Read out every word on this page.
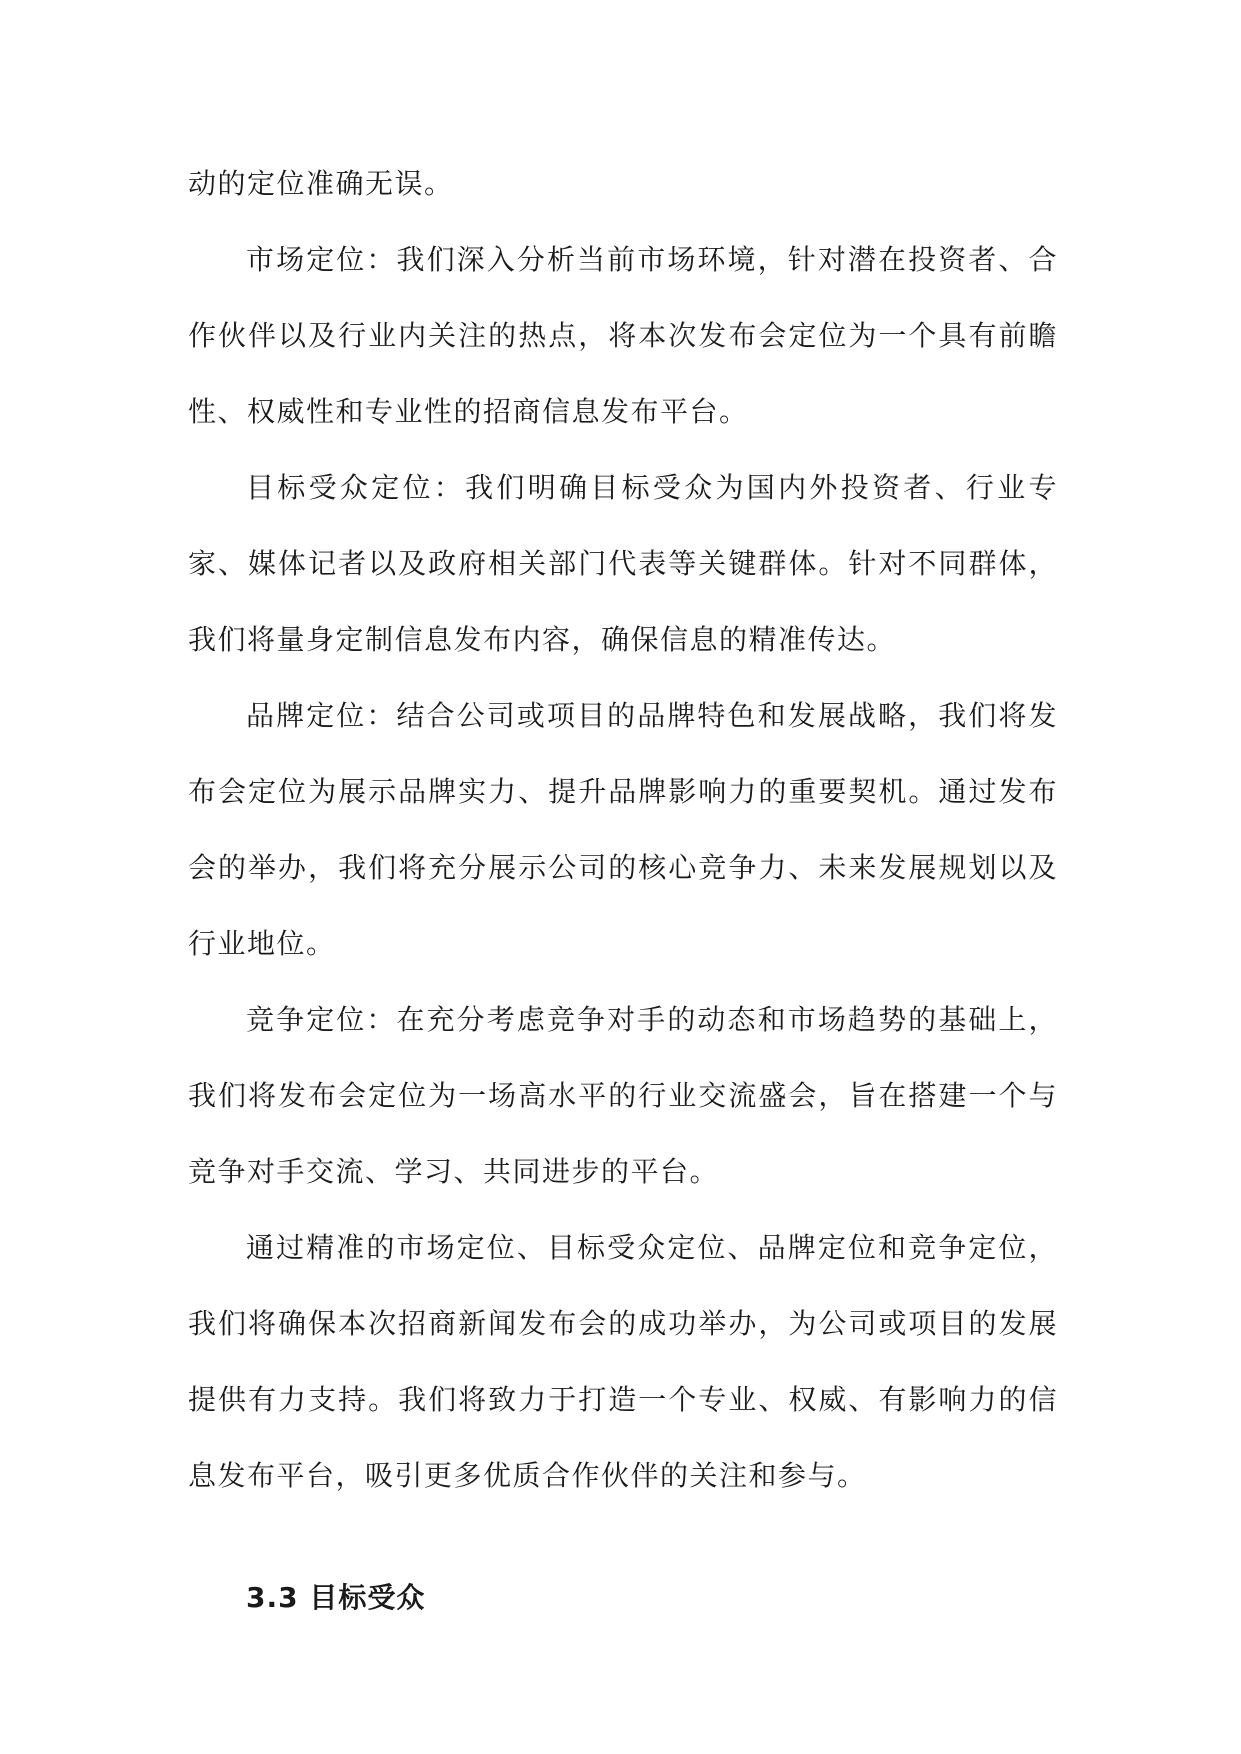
动的定位准确无误。

市场定位：我们深入分析当前市场环境，针对潜在投资者、合作伙伴以及行业内关注的热点，将本次发布会定位为一个具有前瞻性、权威性和专业性的招商信息发布平台。

目标受众定位：我们明确目标受众为国内外投资者、行业专家、媒体记者以及政府相关部门代表等关键群体。针对不同群体，我们将量身定制信息发布内容，确保信息的精准传达。

品牌定位：结合公司或项目的品牌特色和发展战略，我们将发布会定位为展示品牌实力、提升品牌影响力的重要契机。通过发布会的举办，我们将充分展示公司的核心竞争力、未来发展规划以及行业地位。

竞争定位：在充分考虑竞争对手的动态和市场趋势的基础上，我们将发布会定位为一场高水平的行业交流盛会，旨在搭建一个与竞争对手交流、学习、共同进步的平台。

通过精准的市场定位、目标受众定位、品牌定位和竞争定位，我们将确保本次招商新闻发布会的成功举办，为公司或项目的发展提供有力支持。我们将致力于打造一个专业、权威、有影响力的信息发布平台，吸引更多优质合作伙伴的关注和参与。

3.3 目标受众
